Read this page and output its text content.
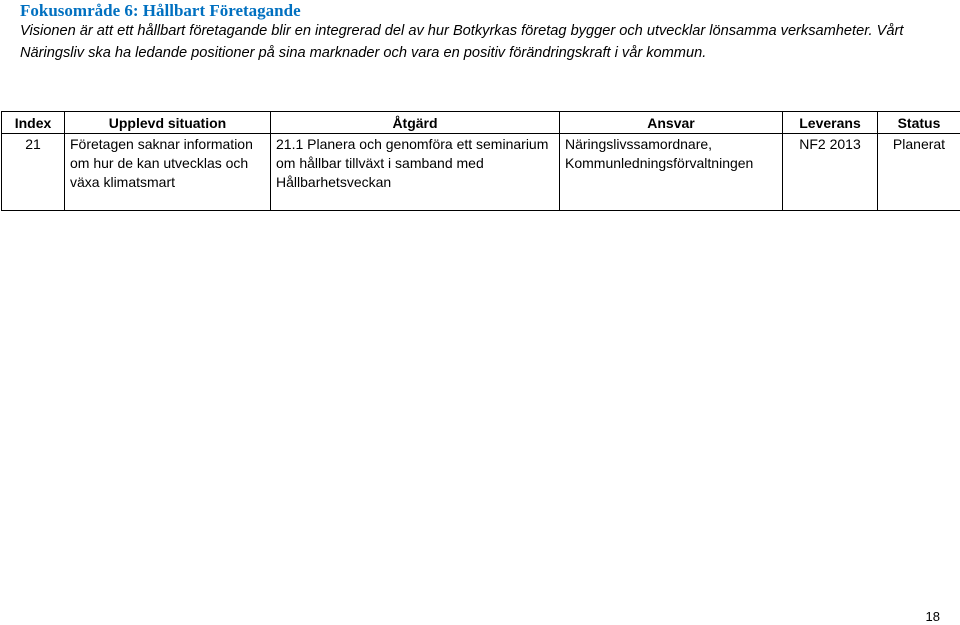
Fokusområde 6: Hållbart Företagande

Visionen är att ett hållbart företagande blir en integrerad del av hur Botkyrkas företag bygger och utvecklar lönsamma verksamheter. Vårt

Näringsliv ska ha ledande positioner på sina marknader och vara en positiv förändringskraft i vår kommun.

Index	Upplevd situation	Åtgärd	Ansvar	Leverans	Status
21	Företagen saknar information om hur de kan utvecklas och växa klimatsmart	21.1 Planera och genomföra ett seminarium om hållbar tillväxt i samband med Hållbarhetsveckan	Näringslivssamordnare, Kommunledningsförvaltningen	NF2 2013	Planerat
18
